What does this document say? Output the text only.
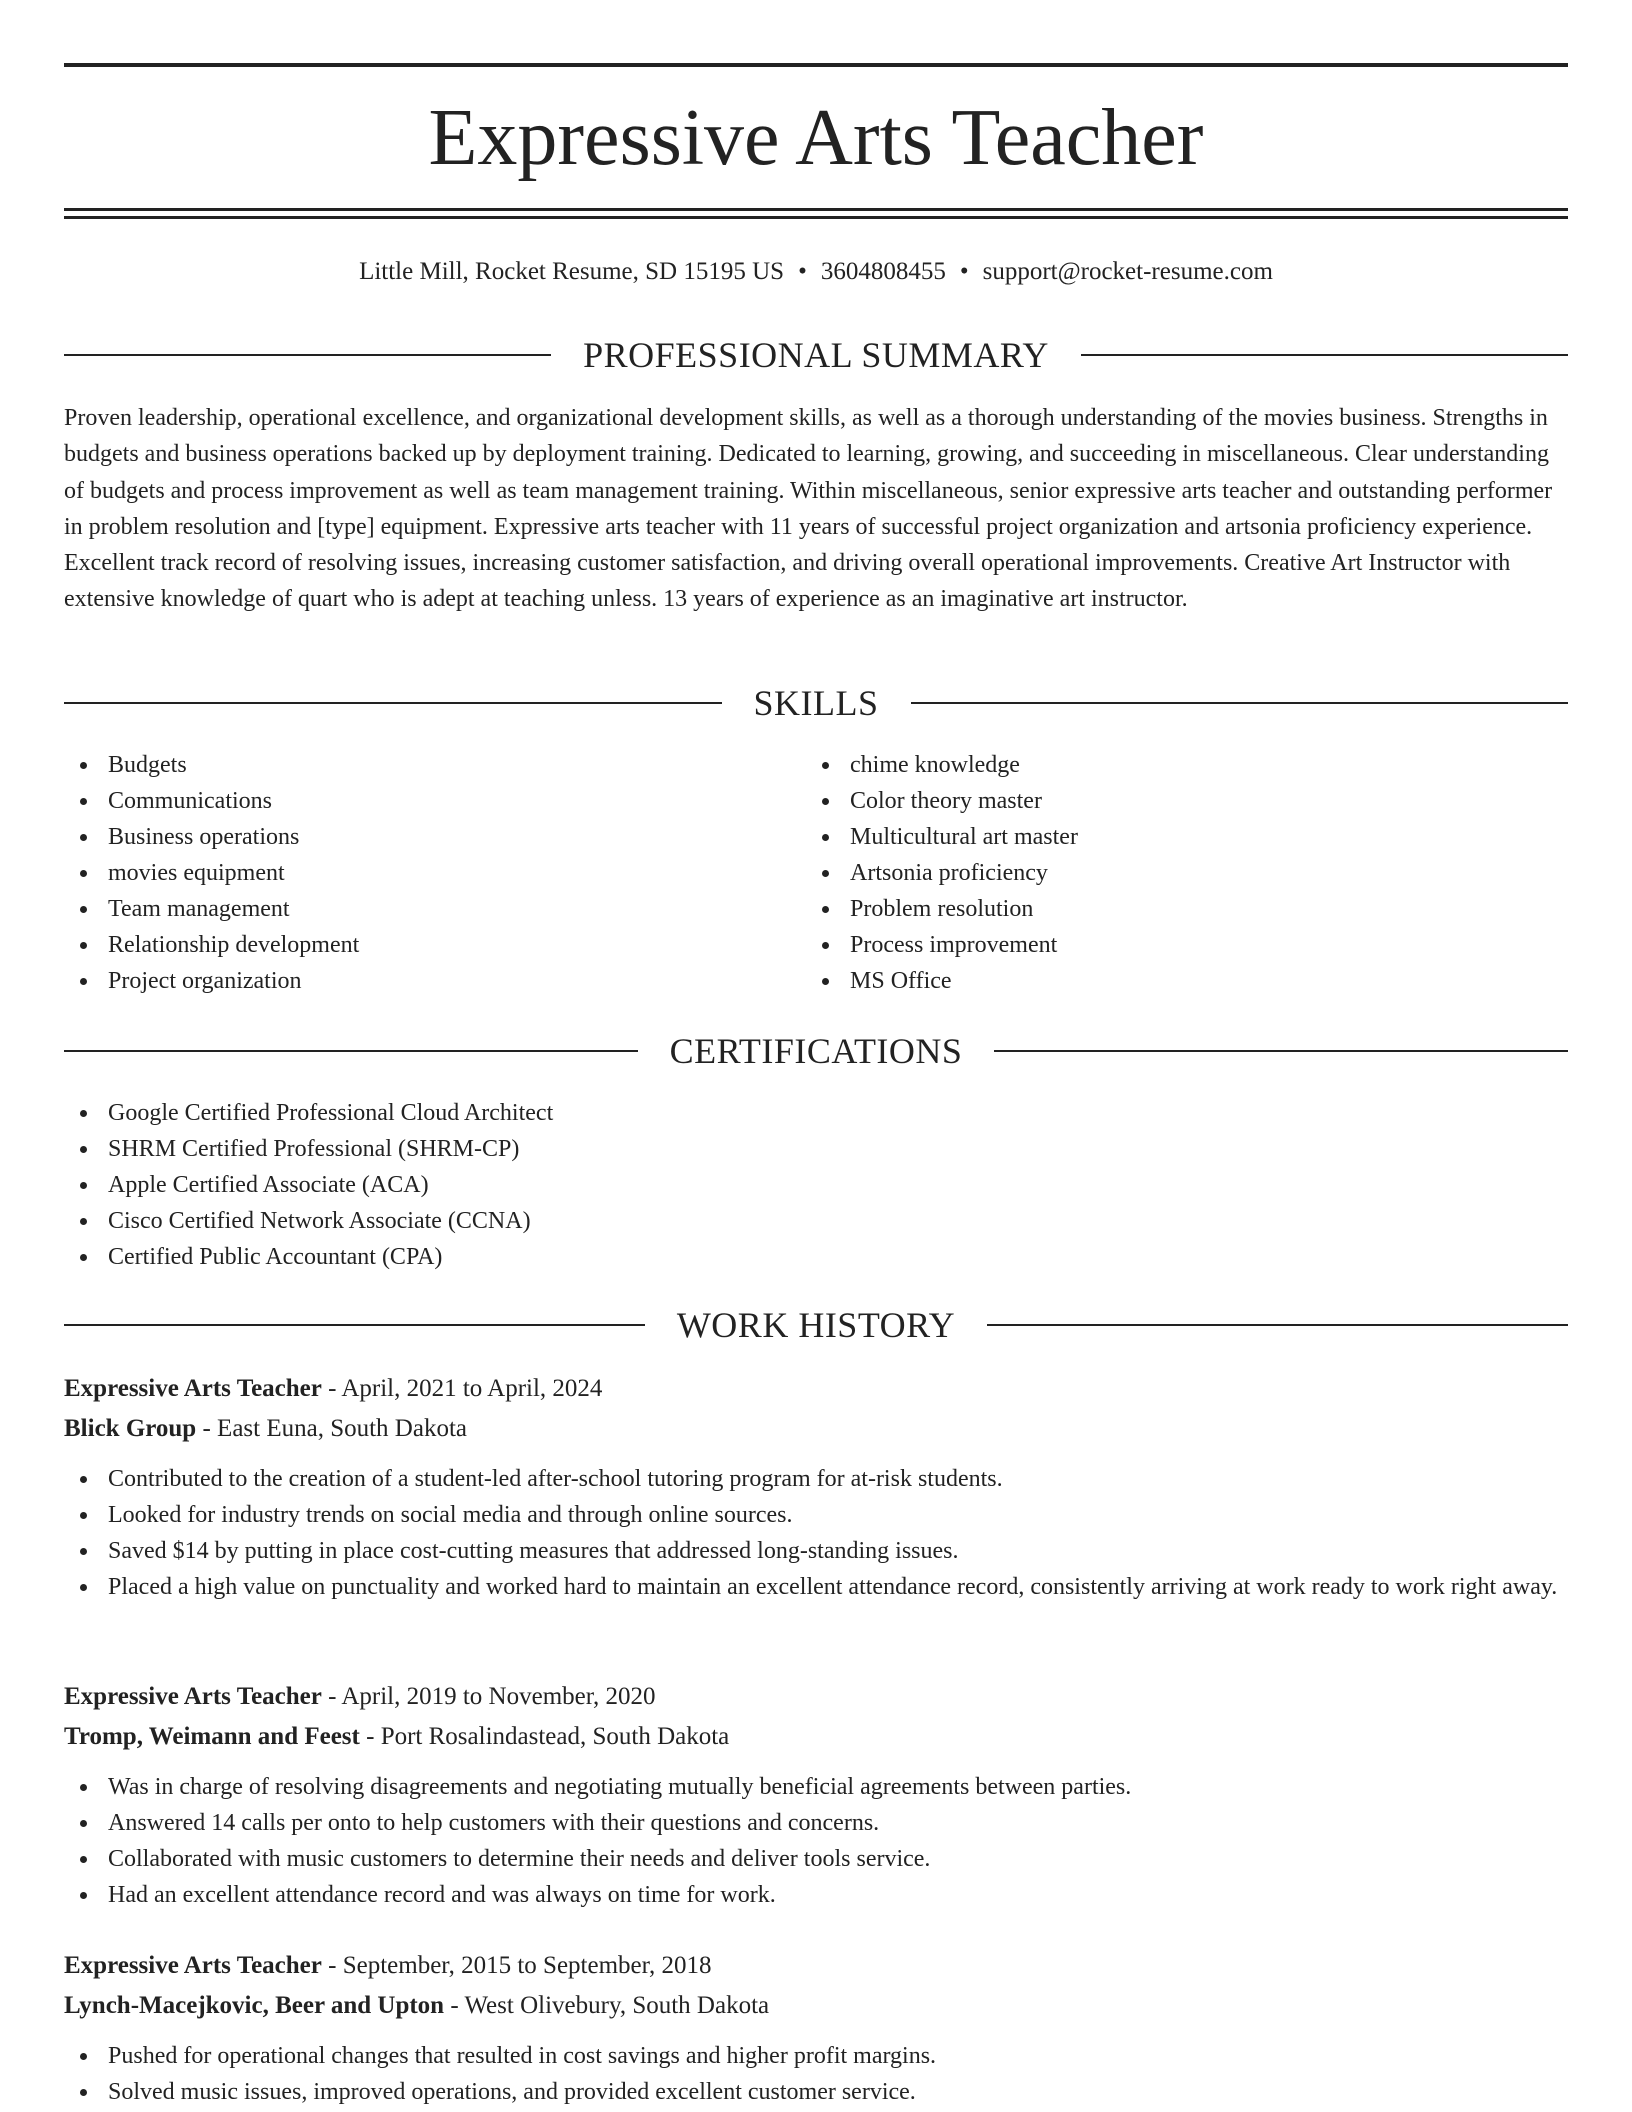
Expressive Arts Teacher
Little Mill, Rocket Resume, SD 15195 US • 3604808455 • support@rocket-resume.com
PROFESSIONAL SUMMARY

Proven leadership, operational excellence, and organizational development skills, as well as a thorough understanding of the movies business. Strengths in budgets and business operations backed up by deployment training. Dedicated to learning, growing, and succeeding in miscellaneous. Clear understanding of budgets and process improvement as well as team management training. Within miscellaneous, senior expressive arts teacher and outstanding performer in problem resolution and [type] equipment. Expressive arts teacher with 11 years of successful project organization and artsonia proficiency experience. Excellent track record of resolving issues, increasing customer satisfaction, and driving overall operational improvements. Creative Art Instructor with extensive knowledge of quart who is adept at teaching unless. 13 years of experience as an imaginative art instructor.

SKILLS
Budgets
Communications
Business operations
movies equipment
Team management
Relationship development
Project organization
chime knowledge
Color theory master
Multicultural art master
Artsonia proficiency
Problem resolution
Process improvement
MS Office
CERTIFICATIONS
Google Certified Professional Cloud Architect
SHRM Certified Professional (SHRM-CP)
Apple Certified Associate (ACA)
Cisco Certified Network Associate (CCNA)
Certified Public Accountant (CPA)
WORK HISTORY
Expressive Arts Teacher - April, 2021 to April, 2024
Blick Group - East Euna, South Dakota
Contributed to the creation of a student-led after-school tutoring program for at-risk students.
Looked for industry trends on social media and through online sources.
Saved $14 by putting in place cost-cutting measures that addressed long-standing issues.
Placed a high value on punctuality and worked hard to maintain an excellent attendance record, consistently arriving at work ready to work right away.
Expressive Arts Teacher - April, 2019 to November, 2020
Tromp, Weimann and Feest - Port Rosalindastead, South Dakota
Was in charge of resolving disagreements and negotiating mutually beneficial agreements between parties.
Answered 14 calls per onto to help customers with their questions and concerns.
Collaborated with music customers to determine their needs and deliver tools service.
Had an excellent attendance record and was always on time for work.
Expressive Arts Teacher - September, 2015 to September, 2018
Lynch-Macejkovic, Beer and Upton - West Olivebury, South Dakota
Pushed for operational changes that resulted in cost savings and higher profit margins.
Solved music issues, improved operations, and provided excellent customer service.
